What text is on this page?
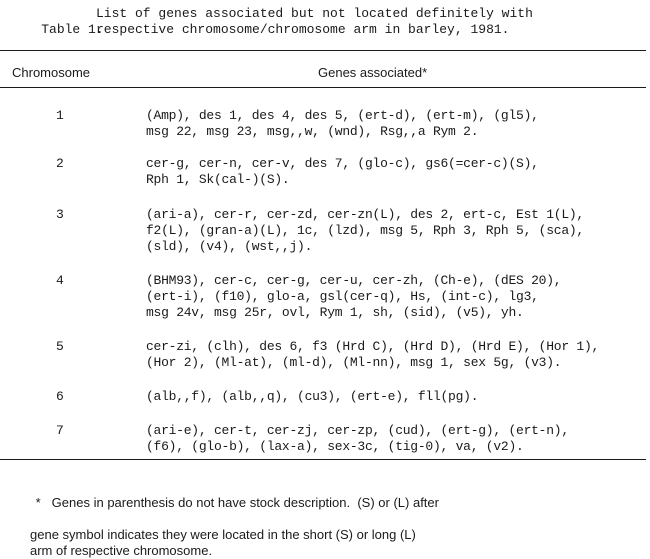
Table 1.

List of genes associated but not located definitely with

respective chromosome/chromosome arm in barley, 1981.

Chromosome	Genes associated*
1	(Amp), des 1, des 4, des 5, (ert-d), (ert-m), (gl5),
msg 22, msg 23, msg,,w, (wnd), Rsg,,a Rym 2.
2	cer-g, cer-n, cer-v, des 7, (glo-c), gs6(=cer-c)(S),
Rph 1, Sk(cal-)(S).
3	(ari-a), cer-r, cer-zd, cer-zn(L), des 2, ert-c, Est 1(L),
f2(L), (gran-a)(L), 1c, (lzd), msg 5, Rph 3, Rph 5, (sca),
(sld), (v4), (wst,,j).
4	(BHM93), cer-c, cer-g, cer-u, cer-zh, (Ch-e), (dES 20),
(ert-i), (f10), glo-a, gsl(cer-q), Hs, (int-c), lg3,
msg 24v, msg 25r, ovl, Rym 1, sh, (sid), (v5), yh.
5	cer-zi, (clh), des 6, f3 (Hrd C), (Hrd D), (Hrd E), (Hor 1),
(Hor 2), (Ml-at), (ml-d), (Ml-nn), msg 1, sex 5g, (v3).
6	(alb,,f), (alb,,q), (cu3), (ert-e), fll(pg).
7	(ari-e), cer-t, cer-zj, cer-zp, (cud), (ert-g), (ert-n),
(f6), (glo-b), (lax-a), sex-3c, (tig-0), va, (v2).

* Genes in parenthesis do not have stock description.  (S) or (L) after

gene symbol indicates they were located in the short (S) or long (L)
arm of respective chromosome.
